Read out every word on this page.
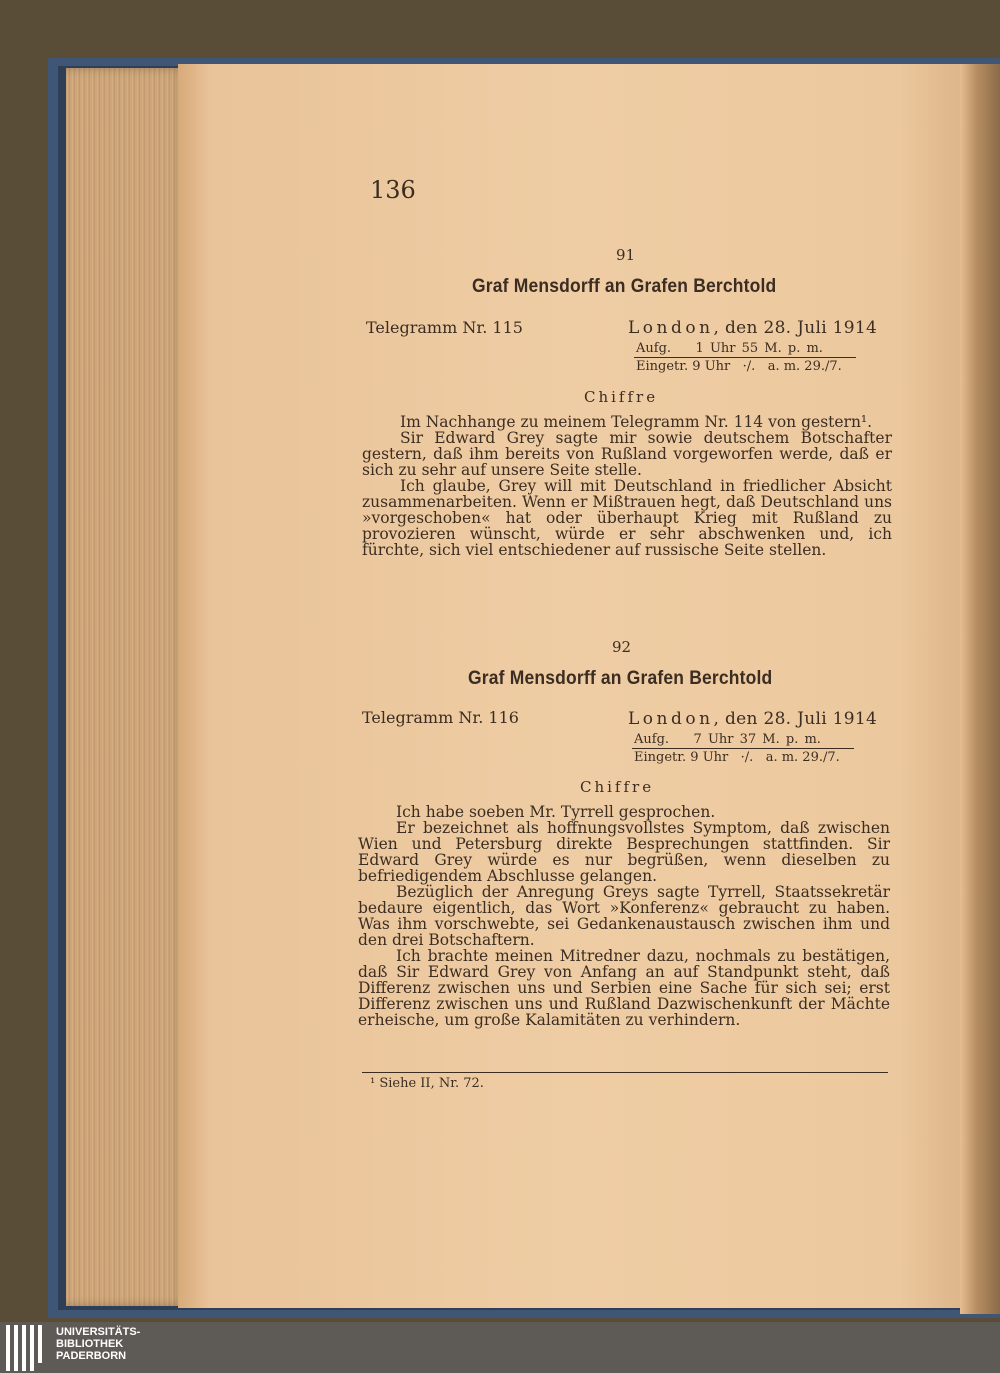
136
91
Graf Mensdorff an Grafen Berchtold
Telegramm Nr. 115	London, den 28. Juli 1914
Aufg.    1 Uhr 55 M. p. m.
Eingetr. 9 Uhr   ·/.   a. m. 29./7.
Chiffre

Im Nachhange zu meinem Telegramm Nr. 114 von gestern¹.

Sir Edward Grey sagte mir sowie deutschem Botschafter gestern, daß ihm bereits von Rußland vorgeworfen werde, daß er sich zu sehr auf unsere Seite stelle.

Ich glaube, Grey will mit Deutschland in friedlicher Absicht zusammenarbeiten. Wenn er Mißtrauen hegt, daß Deutschland uns »vorgeschoben« hat oder überhaupt Krieg mit Rußland zu provozieren wünscht, würde er sehr abschwenken und, ich fürchte, sich viel entschiedener auf russische Seite stellen.

92
Graf Mensdorff an Grafen Berchtold
Telegramm Nr. 116	London, den 28. Juli 1914
Aufg.    7 Uhr 37 M. p. m.
Eingetr. 9 Uhr   ·/.   a. m. 29./7.
Chiffre

Ich habe soeben Mr. Tyrrell gesprochen.

Er bezeichnet als hoffnungsvollstes Symptom, daß zwischen Wien und Petersburg direkte Besprechungen stattfinden. Sir Edward Grey würde es nur begrüßen, wenn dieselben zu befriedigendem Abschlusse gelangen.

Bezüglich der Anregung Greys sagte Tyrrell, Staatssekretär bedaure eigentlich, das Wort »Konferenz« gebraucht zu haben. Was ihm vorschwebte, sei Gedankenaustausch zwischen ihm und den drei Botschaftern.

Ich brachte meinen Mitredner dazu, nochmals zu bestätigen, daß Sir Edward Grey von Anfang an auf Standpunkt steht, daß Differenz zwischen uns und Serbien eine Sache für sich sei; erst Differenz zwischen uns und Rußland Dazwischenkunft der Mächte erheische, um große Kalamitäten zu verhindern.

¹ Siehe II, Nr. 72.
UNIVERSITÄTS-
BIBLIOTHEK
PADERBORN
